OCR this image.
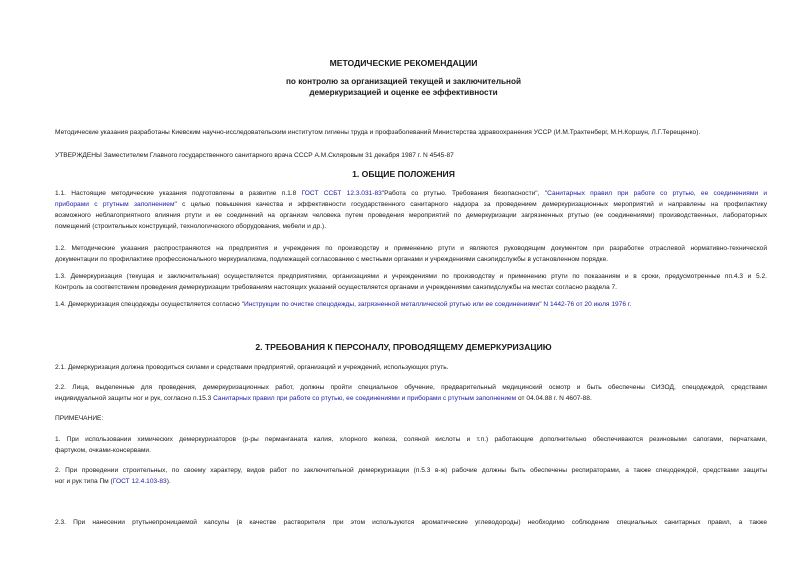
МЕТОДИЧЕСКИЕ РЕКОМЕНДАЦИИ
по контролю за организацией текущей и заключительной
демеркуризацией и оценке ее эффективности

Методические указания разработаны Киевским научно-исследовательским институтом гигиены труда и профзаболеваний Министерства здравоохранения УССР (И.М.Трахтенберг, М.Н.Коршун, Л.Г.Терещенко).

УТВЕРЖДЕНЫ Заместителем Главного государственного санитарного врача СССР А.М.Скляровым 31 декабря 1987 г. N 4545-87

1. ОБЩИЕ ПОЛОЖЕНИЯ

1.1. Настоящие методические указания подготовлены в развитие п.1.8 ГОСТ ССБТ 12.3.031-83"Работа со ртутью. Требования безопасности", "Санитарных правил при работе со ртутью, ее соединениями и

приборами с ртутным заполнением" с целью повышения качества и эффективности государственного санитарного надзора за проведением демеркуризационных мероприятий и направлены на профилактику

возможного неблагоприятного влияния ртути и ее соединений на организм человека путем проведения мероприятий по демеркуризации загрязненных ртутью (ее соединениями) производственных, лабораторных

помещений (строительных конструкций, технологического оборудования, мебели и др.).

1.2. Методические указания распространяются на предприятия и учреждения по производству и применению ртути и являются руководящим документом при разработке отраслевой нормативно-технической

документации по профилактике профессионального меркуриализма, подлежащей согласованию с местными органами и учреждениями санэпидслужбы в установленном порядке.

1.3. Демеркуризация (текущая и заключительная) осуществляется предприятиями, организациями и учреждениями по производству и применению ртути по показаниям и в сроки, предусмотренные пп.4.3 и 5.2.

Контроль за соответствием проведения демеркуризации требованиям настоящих указаний осуществляется органами и учреждениями санэпидслужбы на местах согласно раздела 7.

1.4. Демеркуризация спецодежды осуществляется согласно "Инструкции по очистке спецодежды, загрязненной металлической ртутью или ее соединениями" N 1442-76 от 20 июля 1976 г.

2. ТРЕБОВАНИЯ К ПЕРСОНАЛУ, ПРОВОДЯЩЕМУ ДЕМЕРКУРИЗАЦИЮ

2.1. Демеркуризация должна проводиться силами и средствами предприятий, организаций и учреждений, использующих ртуть.

2.2. Лица, выделенные для проведения, демеркуризационных работ, должны пройти специальное обучение, предварительный медицинский осмотр и быть обеспечены СИЗОД, спецодеждой, средствами

индивидуальной защиты ног и рук, согласно п.15.3 Санитарных правил при работе со ртутью, ее соединениями и приборами с ртутным заполнением от 04.04.88 г. N 4607-88.

ПРИМЕЧАНИЕ:

1. При использовании химических демеркуризаторов (р-ры перманганата калия, хлорного железа, соляной кислоты и т.п.) работающие дополнительно обеспечиваются резиновыми сапогами, перчатками,

фартуком, очками-консервами.

2. При проведении строительных, по своему характеру, видов работ по заключительной демеркуризации (п.5.3 в-ж) рабочие должны быть обеспечены респираторами, а также спецодеждой, средствами защиты

ног и рук типа Пм (ГОСТ 12.4.103-83).

2.3. При нанесении ртутьнепроницаемой капсулы (в качестве растворителя при этом используются ароматические углеводороды) необходимо соблюдение специальных санитарных правил, а также
